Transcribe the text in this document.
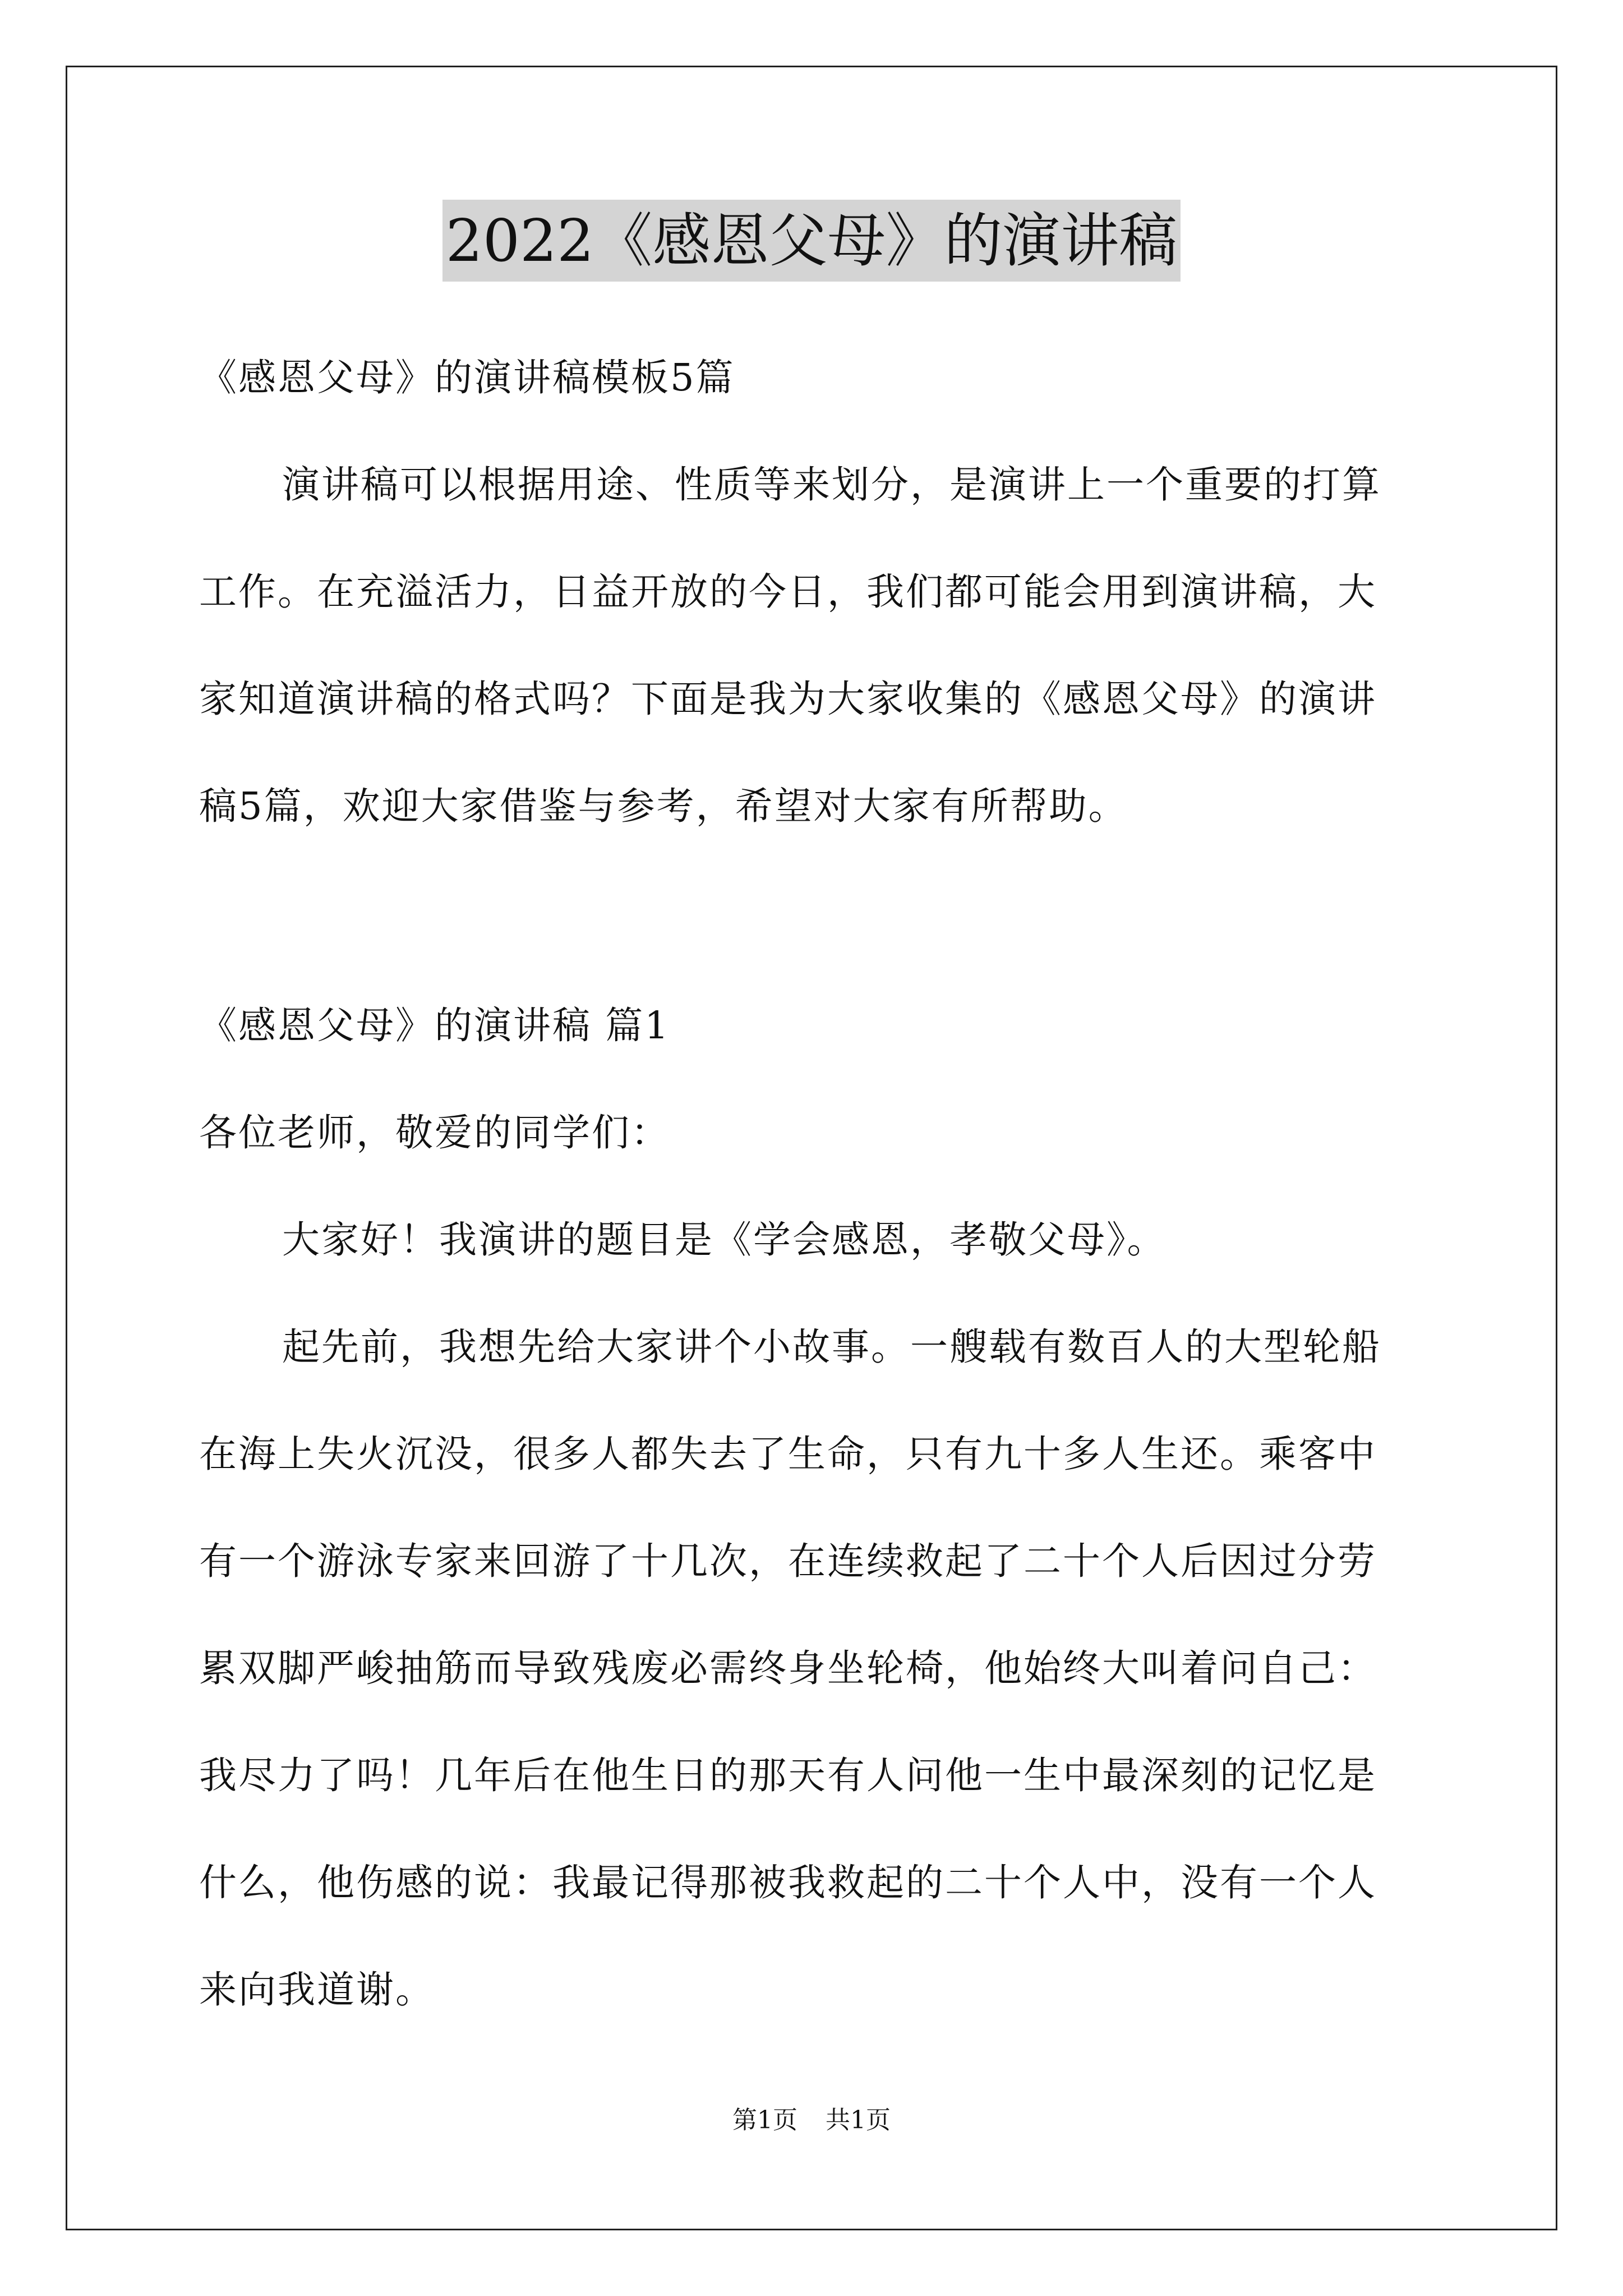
2022《感恩父母》的演讲稿
《感恩父母》的演讲稿模板5篇
演讲稿可以根据用途、性质等来划分，是演讲上一个重要的打算
工作。在充溢活力，日益开放的今日，我们都可能会用到演讲稿，大
家知道演讲稿的格式吗？下面是我为大家收集的《感恩父母》的演讲
稿5篇，欢迎大家借鉴与参考，希望对大家有所帮助。
《感恩父母》的演讲稿 篇1
各位老师，敬爱的同学们：
大家好！我演讲的题目是《学会感恩，孝敬父母》。
起先前，我想先给大家讲个小故事。一艘载有数百人的大型轮船
在海上失火沉没，很多人都失去了生命，只有九十多人生还。乘客中
有一个游泳专家来回游了十几次，在连续救起了二十个人后因过分劳
累双脚严峻抽筋而导致残废必需终身坐轮椅，他始终大叫着问自己：
我尽力了吗！几年后在他生日的那天有人问他一生中最深刻的记忆是
什么，他伤感的说：我最记得那被我救起的二十个人中，没有一个人
来向我道谢。
第1页 共1页
